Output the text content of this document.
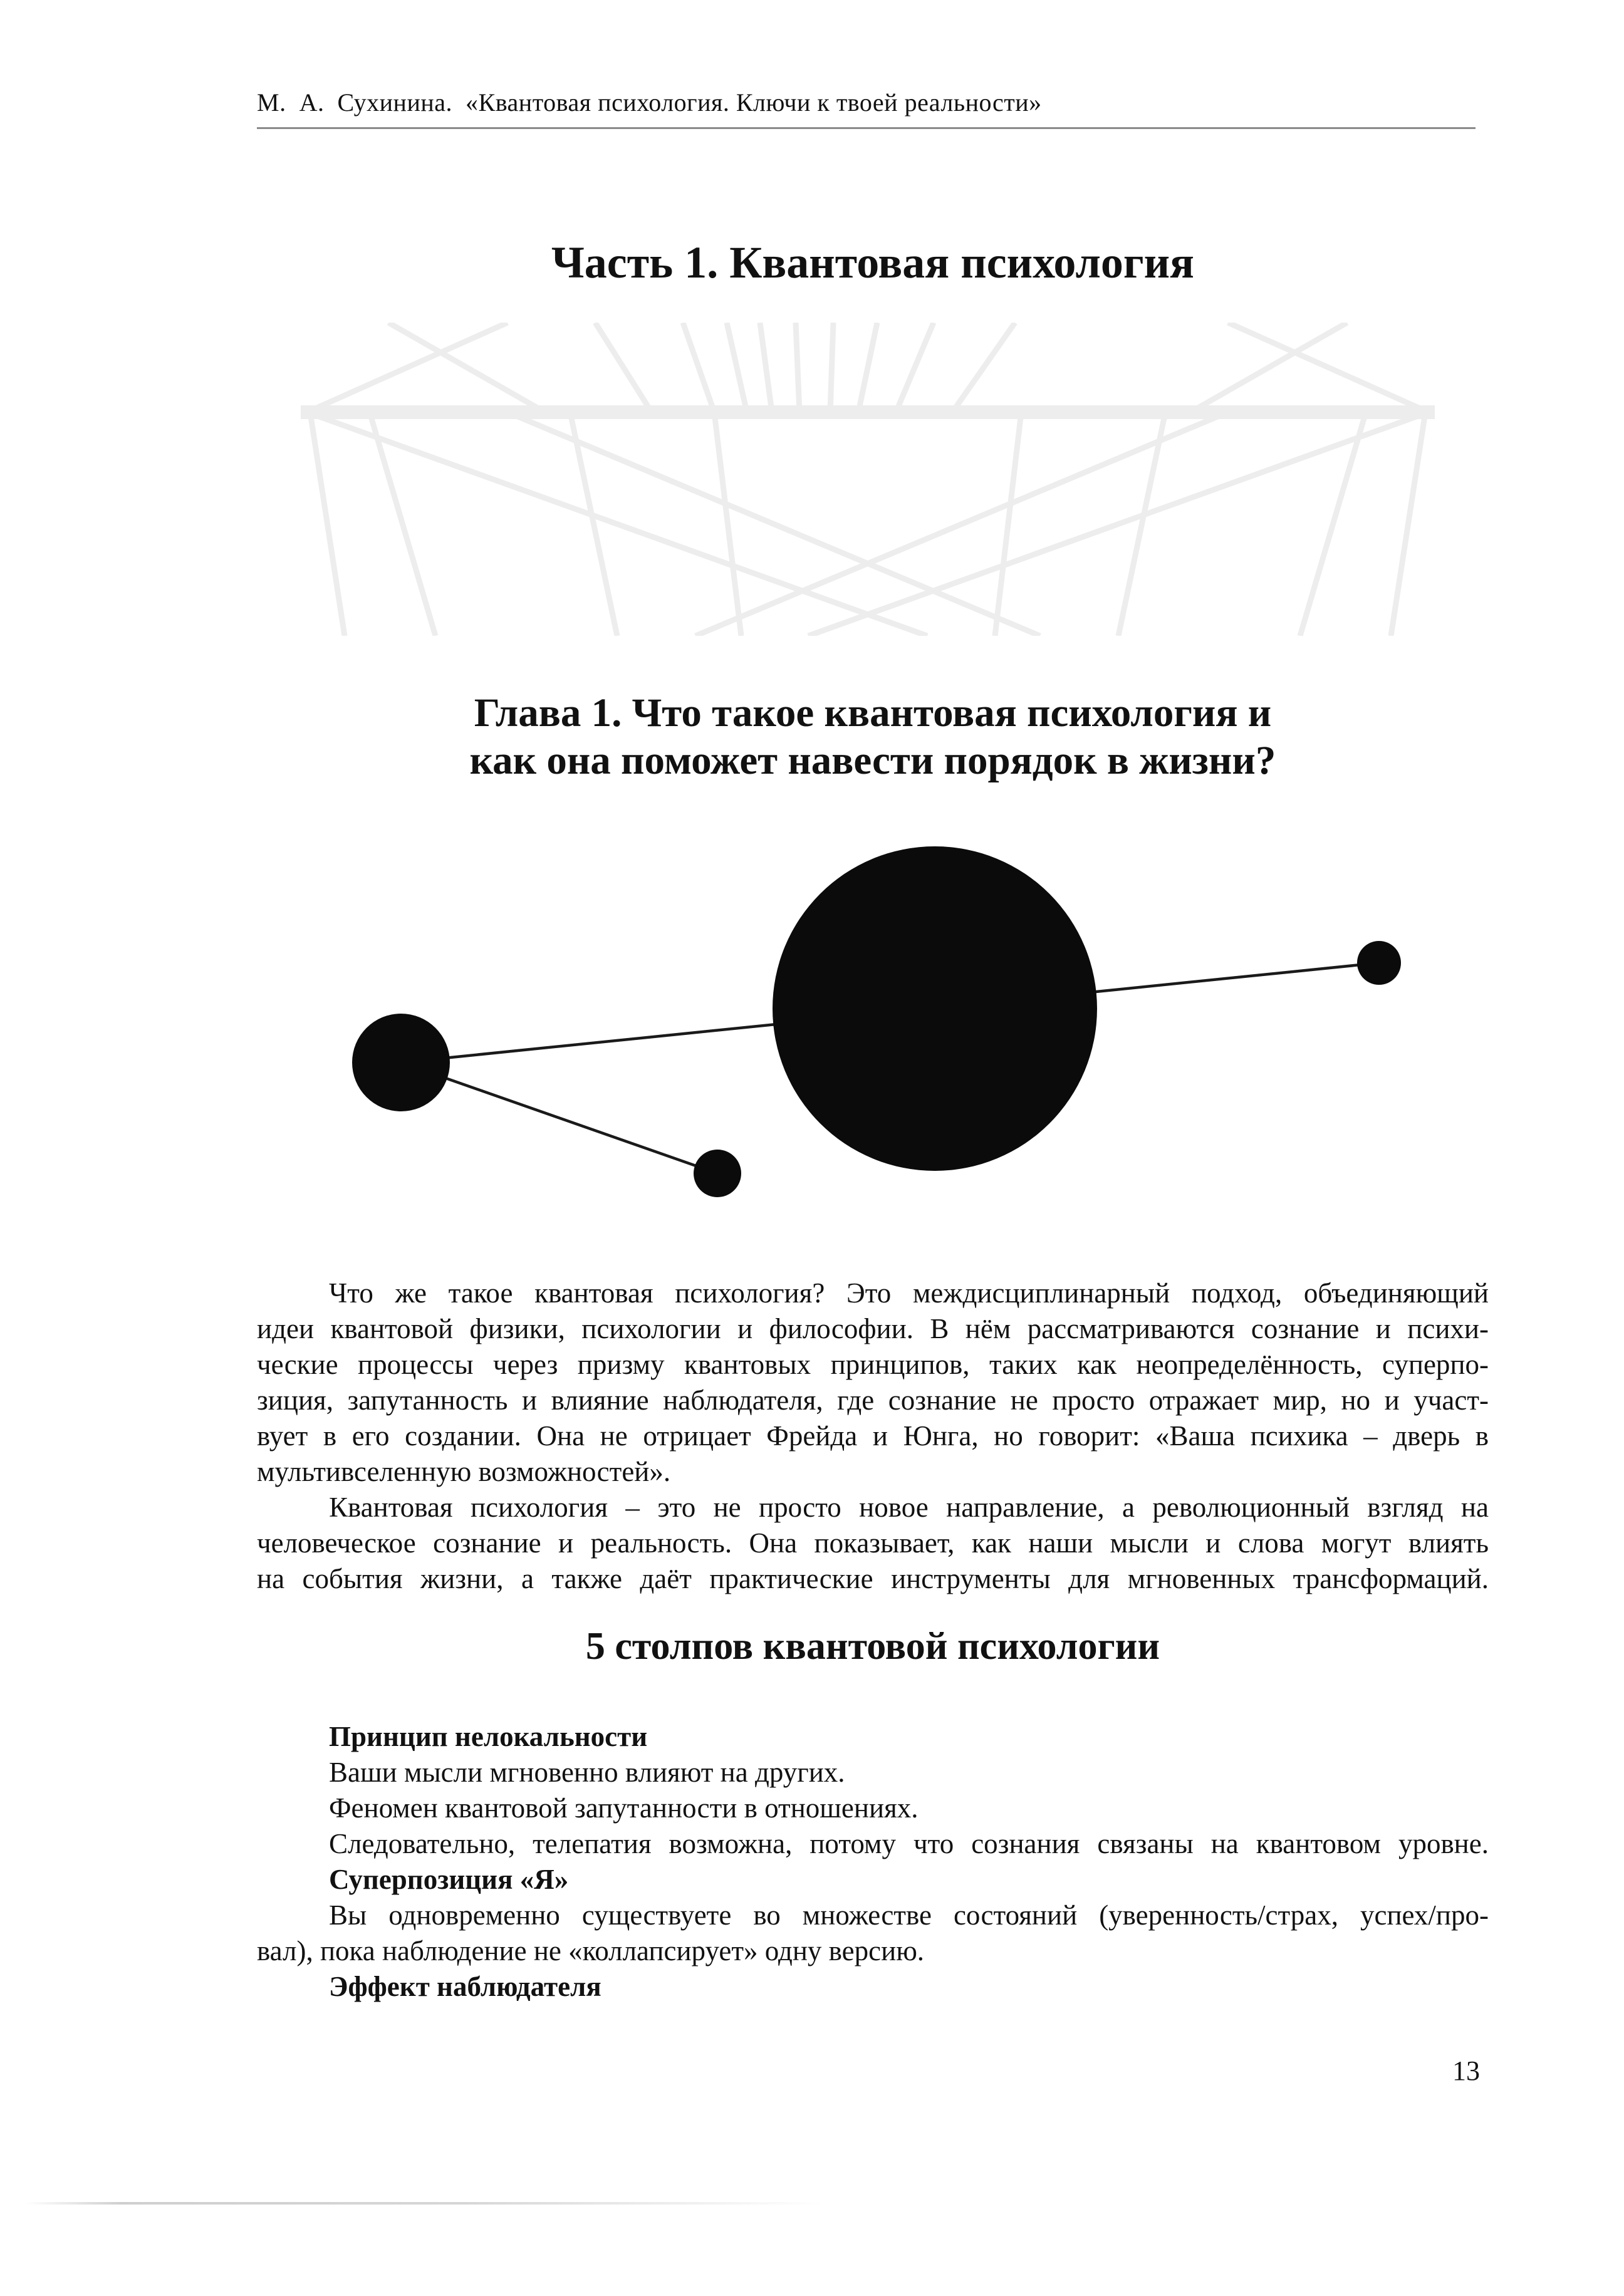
М.  А.  Сухинина.  «Квантовая психология. Ключи к твоей реальности»
Часть 1. Квантовая психология
Глава 1. Что такое квантовая психология и
как она поможет навести порядок в жизни?
Что же такое квантовая психология? Это междисциплинарный подход, объединяющий
идеи квантовой физики, психологии и философии. В нём рассматриваются сознание и психи-
ческие процессы через призму квантовых принципов, таких как неопределённость, суперпо-
зиция, запутанность и влияние наблюдателя, где сознание не просто отражает мир, но и участ-
вует в его создании. Она не отрицает Фрейда и Юнга, но говорит: «Ваша психика – дверь в
мультивселенную возможностей».
Квантовая психология – это не просто новое направление, а революционный взгляд на
человеческое сознание и реальность. Она показывает, как наши мысли и слова могут влиять
на события жизни, а также даёт практические инструменты для мгновенных трансформаций.
5 столпов квантовой психологии
Принцип нелокальности
Ваши мысли мгновенно влияют на других.
Феномен квантовой запутанности в отношениях.
Следовательно, телепатия возможна, потому что сознания связаны на квантовом уровне.
Суперпозиция «Я»
Вы одновременно существуете во множестве состояний (уверенность/страх, успех/про-
вал), пока наблюдение не «коллапсирует» одну версию.
Эффект наблюдателя
13
